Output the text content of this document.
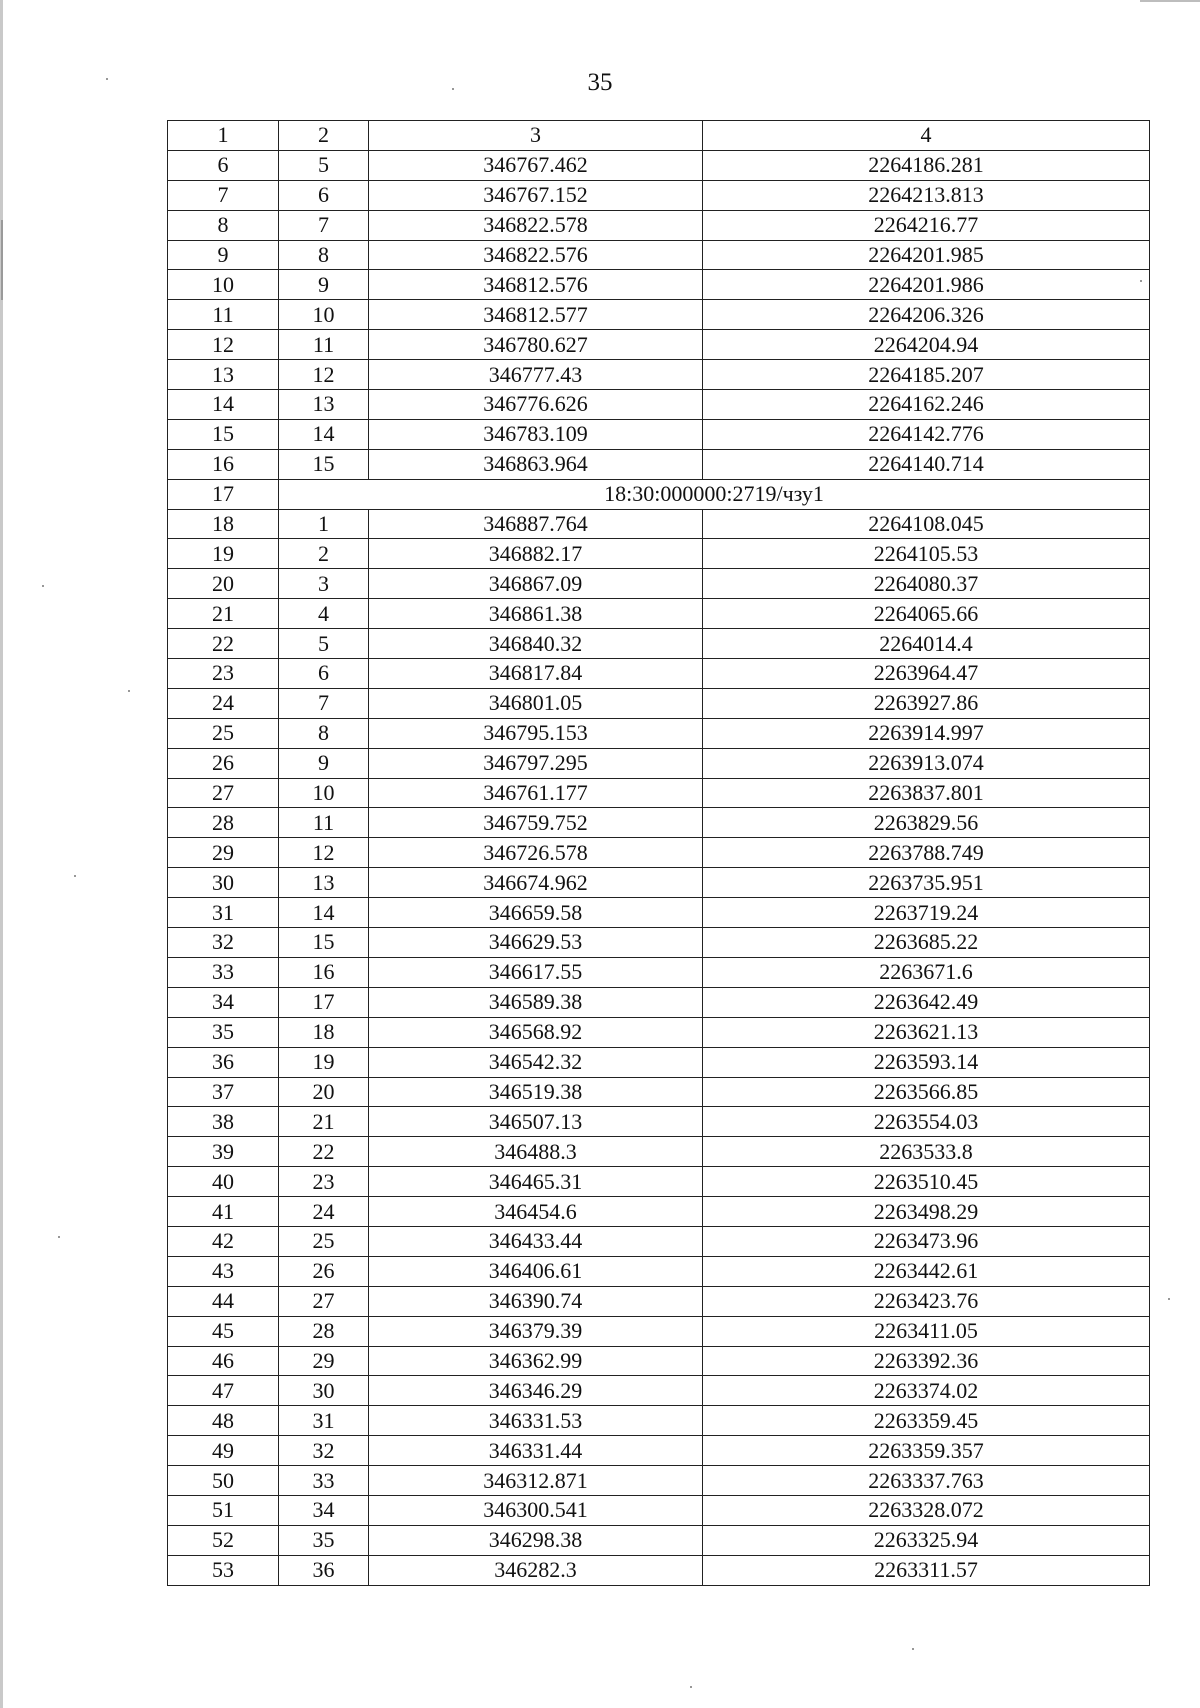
35
1	2	3	4
6	5	346767.462	2264186.281
7	6	346767.152	2264213.813
8	7	346822.578	2264216.77
9	8	346822.576	2264201.985
10	9	346812.576	2264201.986
11	10	346812.577	2264206.326
12	11	346780.627	2264204.94
13	12	346777.43	2264185.207
14	13	346776.626	2264162.246
15	14	346783.109	2264142.776
16	15	346863.964	2264140.714
17	18:30:000000:2719/чзу1		
18	1	346887.764	2264108.045
19	2	346882.17	2264105.53
20	3	346867.09	2264080.37
21	4	346861.38	2264065.66
22	5	346840.32	2264014.4
23	6	346817.84	2263964.47
24	7	346801.05	2263927.86
25	8	346795.153	2263914.997
26	9	346797.295	2263913.074
27	10	346761.177	2263837.801
28	11	346759.752	2263829.56
29	12	346726.578	2263788.749
30	13	346674.962	2263735.951
31	14	346659.58	2263719.24
32	15	346629.53	2263685.22
33	16	346617.55	2263671.6
34	17	346589.38	2263642.49
35	18	346568.92	2263621.13
36	19	346542.32	2263593.14
37	20	346519.38	2263566.85
38	21	346507.13	2263554.03
39	22	346488.3	2263533.8
40	23	346465.31	2263510.45
41	24	346454.6	2263498.29
42	25	346433.44	2263473.96
43	26	346406.61	2263442.61
44	27	346390.74	2263423.76
45	28	346379.39	2263411.05
46	29	346362.99	2263392.36
47	30	346346.29	2263374.02
48	31	346331.53	2263359.45
49	32	346331.44	2263359.357
50	33	346312.871	2263337.763
51	34	346300.541	2263328.072
52	35	346298.38	2263325.94
53	36	346282.3	2263311.57
